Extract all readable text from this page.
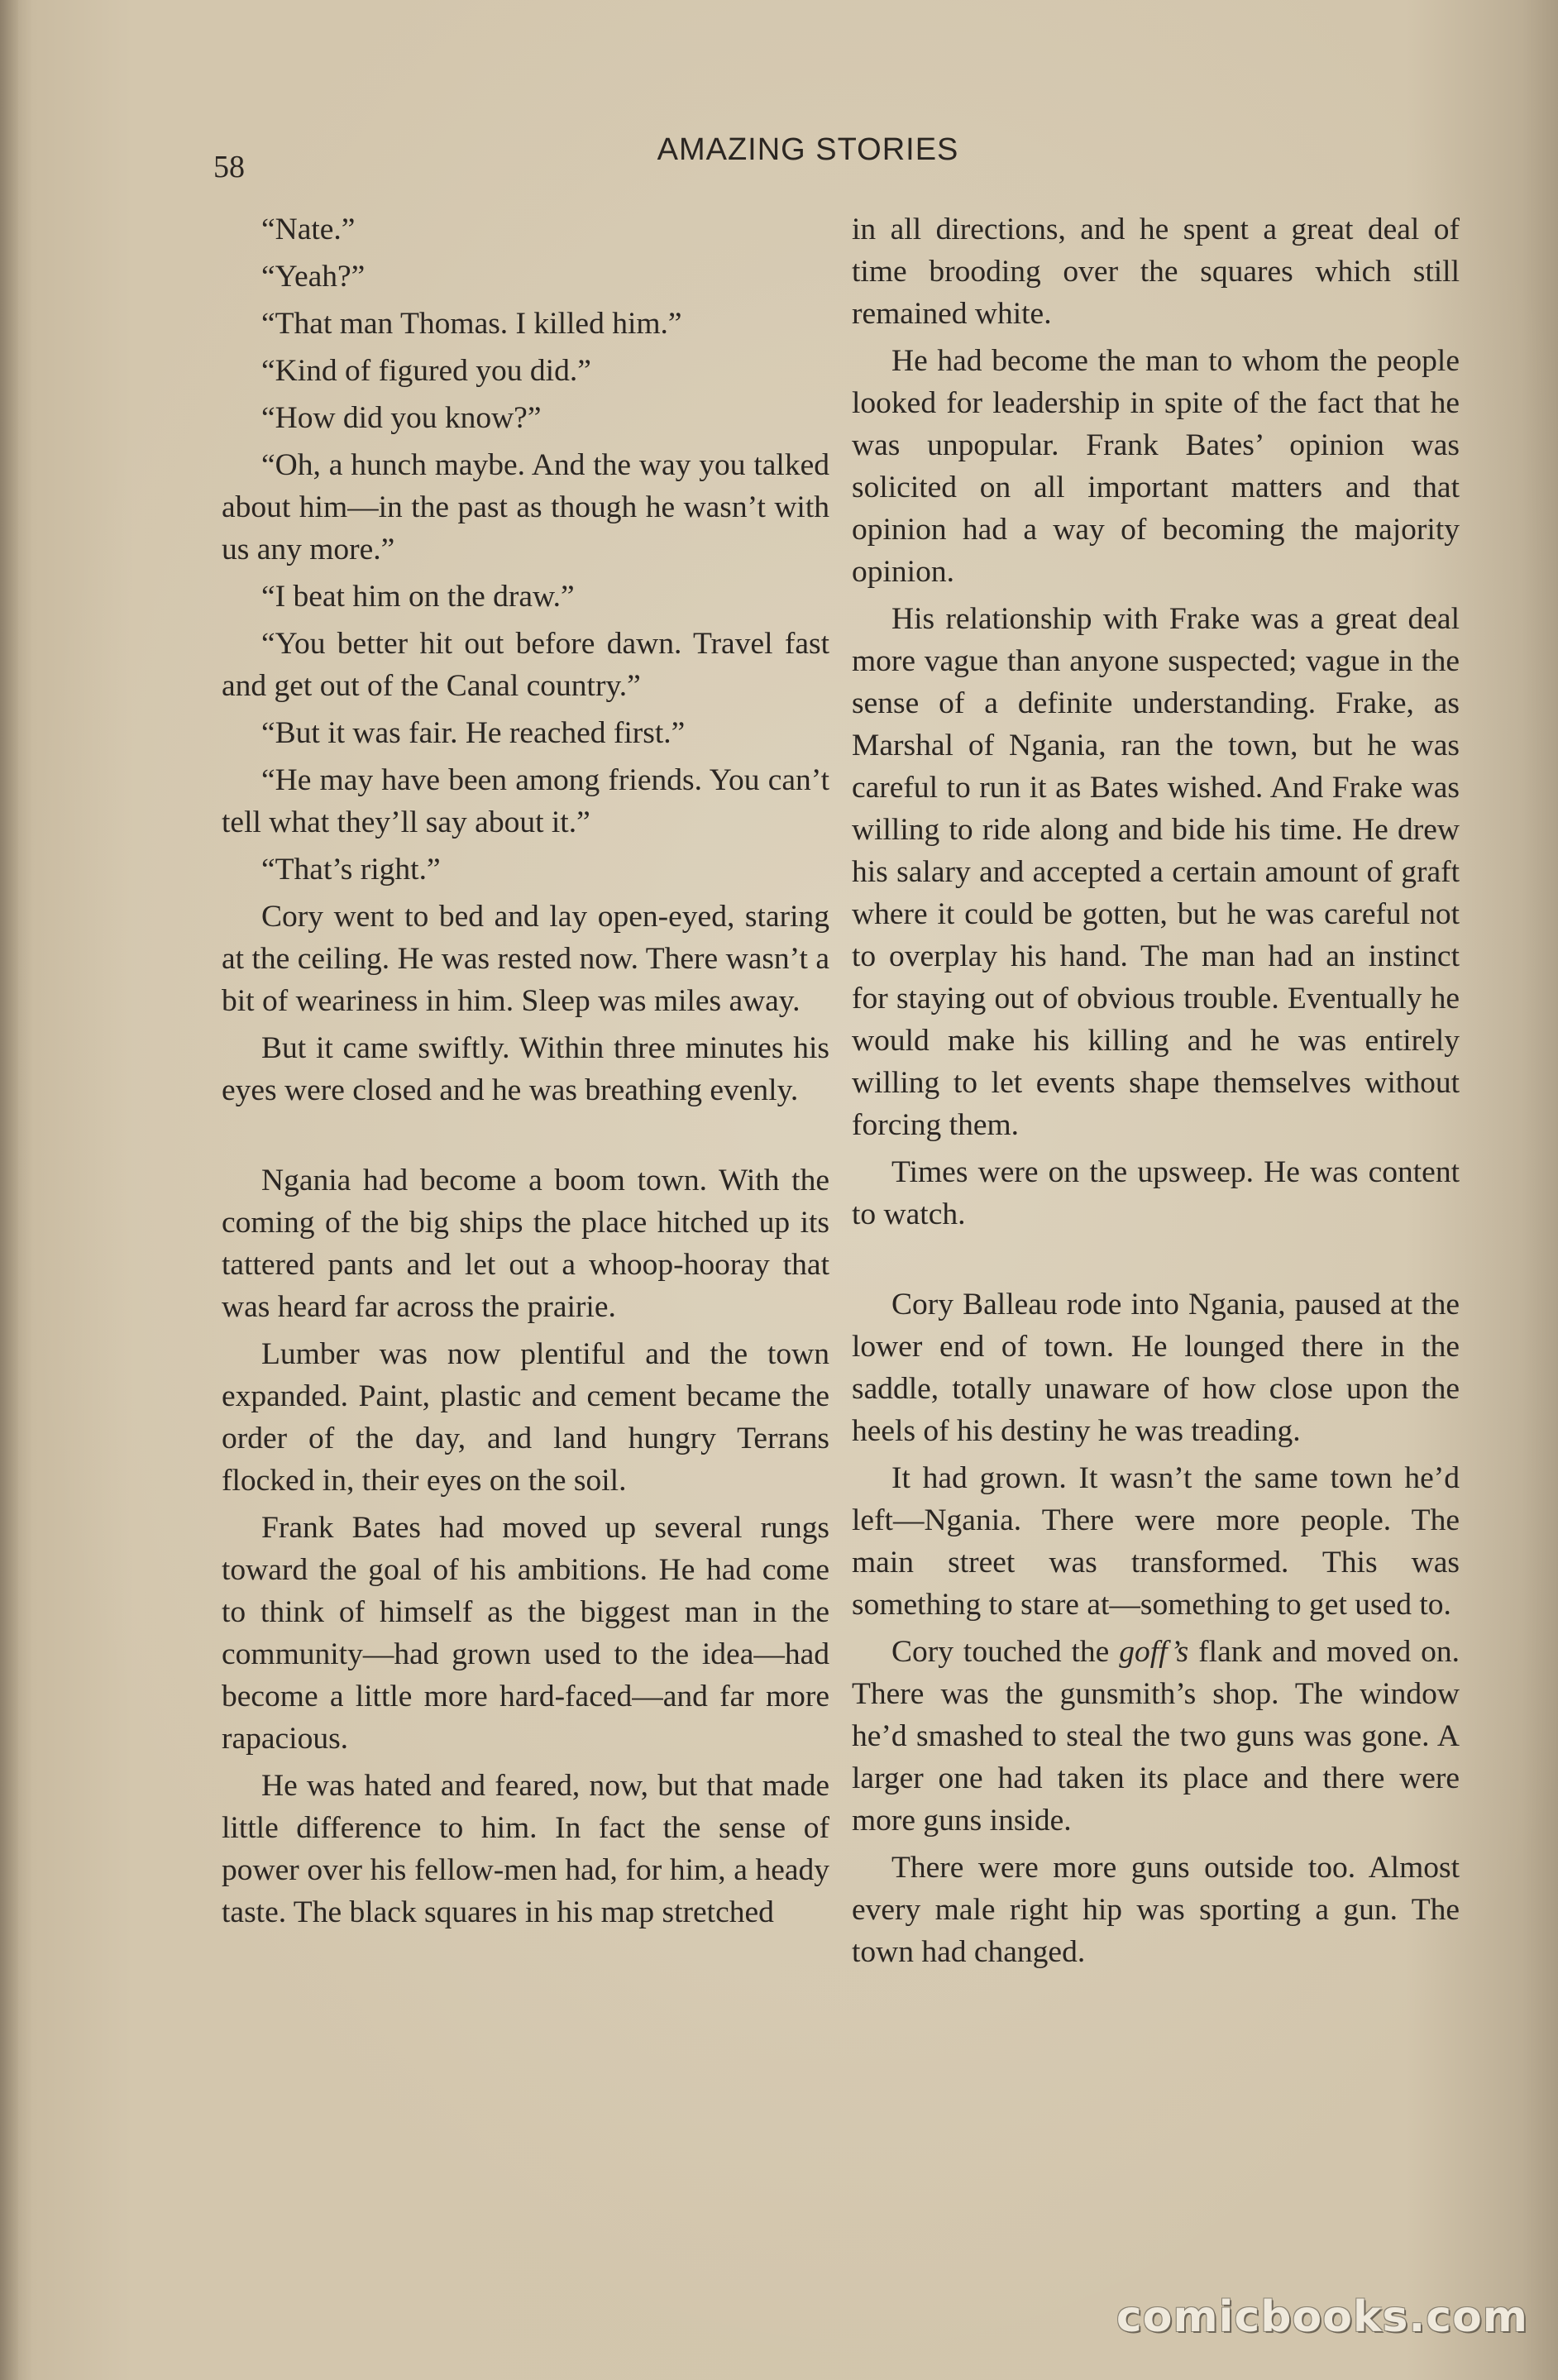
58	AMAZING STORIES

“Nate.”

“Yeah?”

“That man Thomas. I killed him.”

“Kind of figured you did.”

“How did you know?”

“Oh, a hunch maybe. And the way you talked about him—in the past as though he wasn’t with us any more.”

“I beat him on the draw.”

“You better hit out before dawn. Travel fast and get out of the Canal country.”

“But it was fair. He reached first.”

“He may have been among friends. You can’t tell what they’ll say about it.”

“That’s right.”

Cory went to bed and lay open-eyed, staring at the ceiling. He was rested now. There wasn’t a bit of weariness in him. Sleep was miles away.

But it came swiftly. Within three minutes his eyes were closed and he was breathing evenly.

Ngania had become a boom town. With the coming of the big ships the place hitched up its tattered pants and let out a whoop-hooray that was heard far across the prairie.

Lumber was now plentiful and the town expanded. Paint, plastic and cement became the order of the day, and land hungry Terrans flocked in, their eyes on the soil.

Frank Bates had moved up several rungs toward the goal of his ambitions. He had come to think of himself as the biggest man in the community—had grown used to the idea—had become a little more hard-faced—and far more rapacious.

He was hated and feared, now, but that made little difference to him. In fact the sense of power over his fellow-men had, for him, a heady taste. The black squares in his map stretched

in all directions, and he spent a great deal of time brooding over the squares which still remained white.

He had become the man to whom the people looked for leadership in spite of the fact that he was unpopular. Frank Bates’ opinion was solicited on all important matters and that opinion had a way of becoming the majority opinion.

His relationship with Frake was a great deal more vague than anyone suspected; vague in the sense of a definite understanding. Frake, as Marshal of Ngania, ran the town, but he was careful to run it as Bates wished. And Frake was willing to ride along and bide his time. He drew his salary and accepted a certain amount of graft where it could be gotten, but he was careful not to overplay his hand. The man had an instinct for staying out of obvious trouble. Eventually he would make his killing and he was entirely willing to let events shape themselves without forcing them.

Times were on the upsweep. He was content to watch.

Cory Balleau rode into Ngania, paused at the lower end of town. He lounged there in the saddle, totally unaware of how close upon the heels of his destiny he was treading.

It had grown. It wasn’t the same town he’d left—Ngania. There were more people. The main street was transformed. This was something to stare at—something to get used to.

Cory touched the goff’s flank and moved on. There was the gunsmith’s shop. The window he’d smashed to steal the two guns was gone. A larger one had taken its place and there were more guns inside.

There were more guns outside too. Almost every male right hip was sporting a gun. The town had changed.

comicbooks.com
